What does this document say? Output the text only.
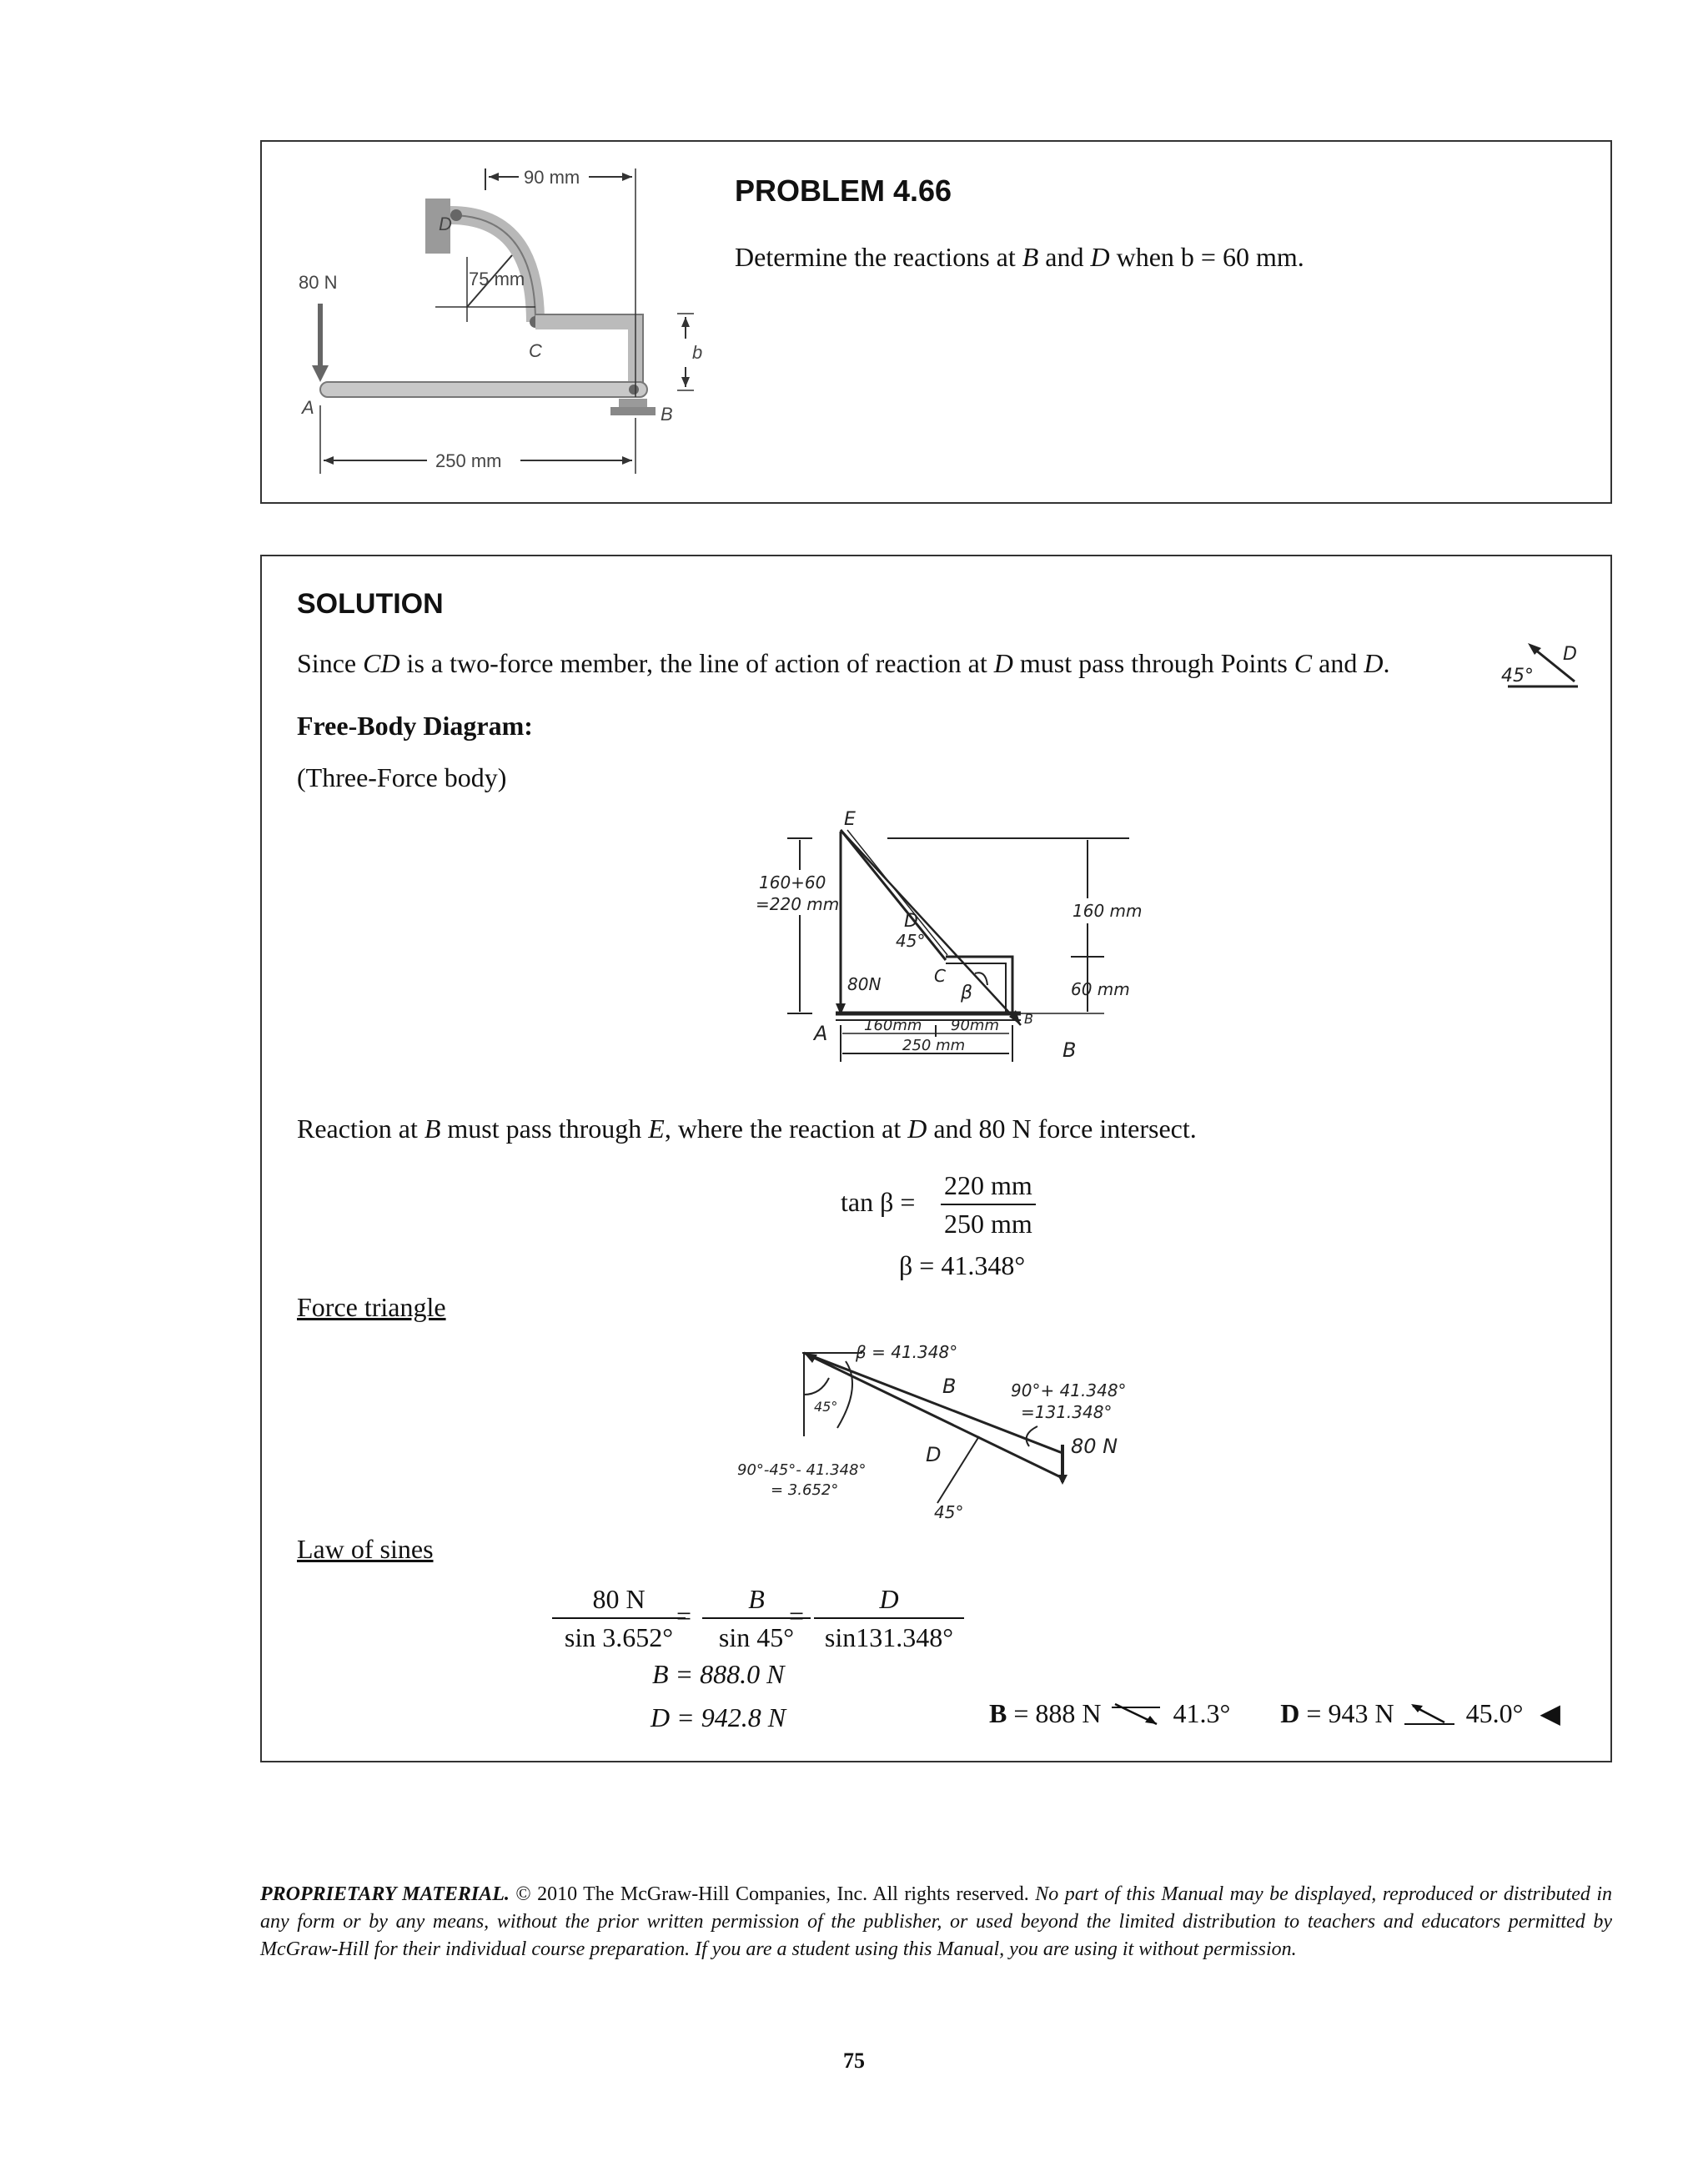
90 mm
75 mm
250 mm
80 N
A	B
C
D
b
PROBLEM 4.66
Determine the reactions at B and D when b = 60 mm.
SOLUTION
Since CD is a two-force member, the line of action of reaction at D must pass through Points C and D.	45°
D
Free-Body Diagram:
(Three-Force body)
E
160+60
=220 mm	160 mm
60 mm
D
45°
C
β
80N
A 160mm 90mm B
B
250 mm
Reaction at B must pass through E, where the reaction at D and 80 N force intersect.
$\tan \beta = \frac{220 mm}{250 mm}$
β = 41.348°
Force triangle
β = 41.348°
B	90°+ 41.348°
=131.348°
80 N
45°
D
90°-45°- 41.348°
= 3.652°
45°
Law of sines
$\frac{80 N}{\sin 3.652^\circ}$
= $\frac{B}{\sin 45^\circ}$
= $\frac{D}{\sin 131.348^\circ}$
B = 888.0 N
D = 942.8 N	B = 888 N	41.3° D = 943 N	45.0° ◀
PROPRIETARY MATERIAL. © 2010 The McGraw-Hill Companies, Inc. All rights reserved. No part of this Manual may be displayed, reproduced or distributed in any form or by any means, without the prior written permission of the publisher, or used beyond the limited distribution to teachers and educators permitted by McGraw-Hill for their individual course preparation. If you are a student using this Manual, you are using it without permission.
75
